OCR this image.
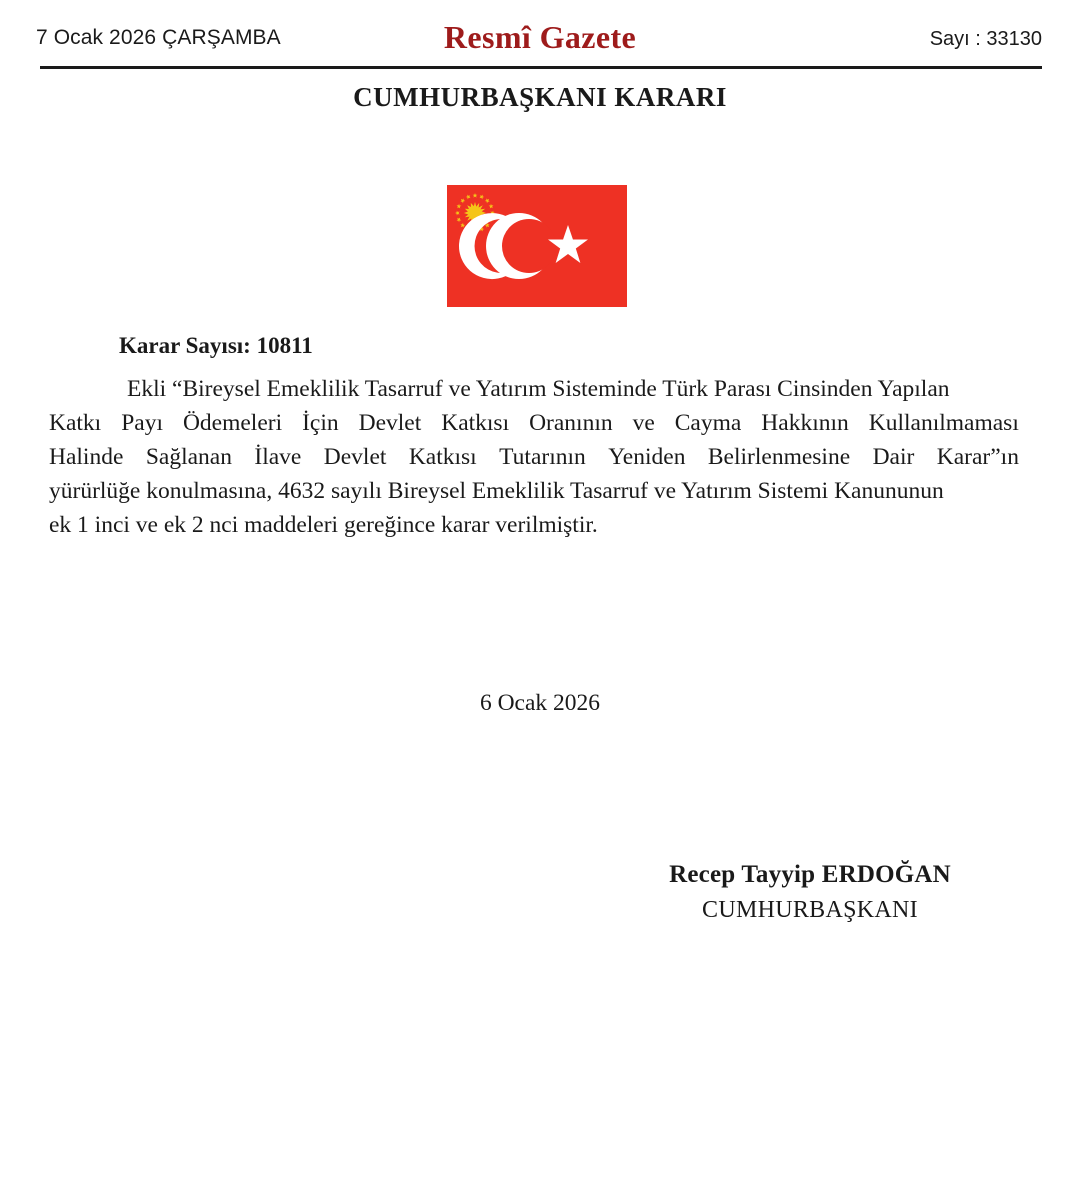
7 Ocak 2026 ÇARŞAMBA	Resmî Gazete	Sayı : 33130
CUMHURBAŞKANI KARARI
Karar Sayısı: 10811
Ekli “Bireysel Emeklilik Tasarruf ve Yatırım Sisteminde Türk Parası Cinsinden Yapılan
Katkı Payı Ödemeleri İçin Devlet Katkısı Oranının ve Cayma Hakkının Kullanılmaması
Halinde Sağlanan İlave Devlet Katkısı Tutarının Yeniden Belirlenmesine Dair Karar”ın
yürürlüğe konulmasına, 4632 sayılı Bireysel Emeklilik Tasarruf ve Yatırım Sistemi Kanununun
ek 1 inci ve ek 2 nci maddeleri gereğince karar verilmiştir.
6 Ocak 2026
Recep Tayyip ERDOĞAN
CUMHURBAŞKANI
